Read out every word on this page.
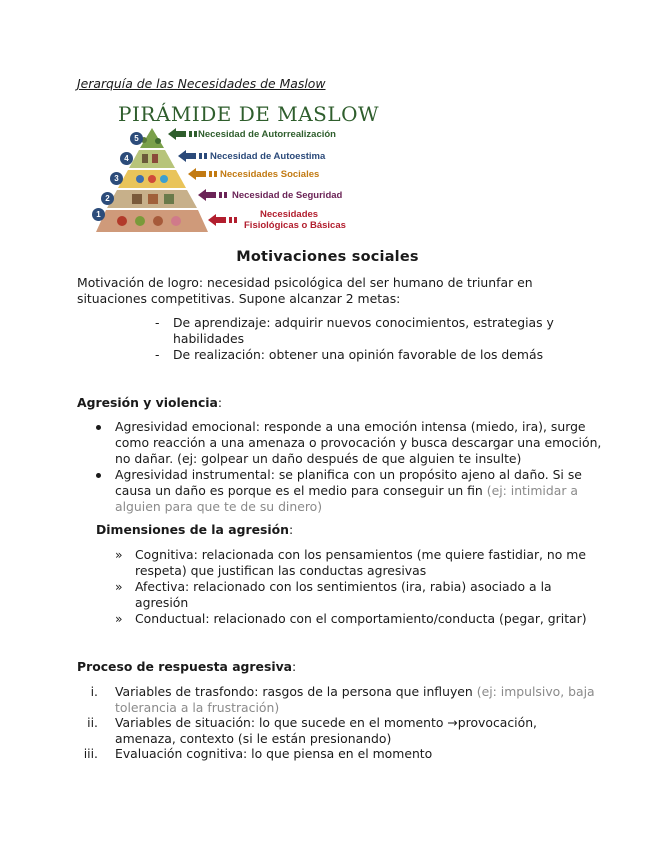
Jerarquía de las Necesidades de Maslow
PIRÁMIDE DE MASLOW
5
4
3
2
1
Necesidad de Autorrealización
Necesidad de Autoestima
Necesidades Sociales
Necesidad de Seguridad
Necesidades
Fisiológicas o Básicas
Motivaciones sociales
Motivación de logro: necesidad psicológica del ser humano de triunfar en
situaciones competitivas. Supone alcanzar 2 metas:
- De aprendizaje: adquirir nuevos conocimientos, estrategias y
habilidades
- De realización: obtener una opinión favorable de los demás
Agresión y violencia:
Agresividad emocional: responde a una emoción intensa (miedo, ira), surge
como reacción a una amenaza o provocación y busca descargar una emoción,
no dañar. (ej: golpear un daño después de que alguien te insulte)
Agresividad instrumental: se planifica con un propósito ajeno al daño. Si se
causa un daño es porque es el medio para conseguir un fin (ej: intimidar a
alguien para que te de su dinero)
Dimensiones de la agresión:
» Cognitiva: relacionada con los pensamientos (me quiere fastidiar, no me
respeta) que justifican las conductas agresivas
» Afectiva: relacionado con los sentimientos (ira, rabia) asociado a la
agresión
» Conductual: relacionado con el comportamiento/conducta (pegar, gritar)
Proceso de respuesta agresiva:
i. Variables de trasfondo: rasgos de la persona que influyen (ej: impulsivo, baja
tolerancia a la frustración)
ii. Variables de situación: lo que sucede en el momento →provocación,
amenaza, contexto (si le están presionando)
iii. Evaluación cognitiva: lo que piensa en el momento
